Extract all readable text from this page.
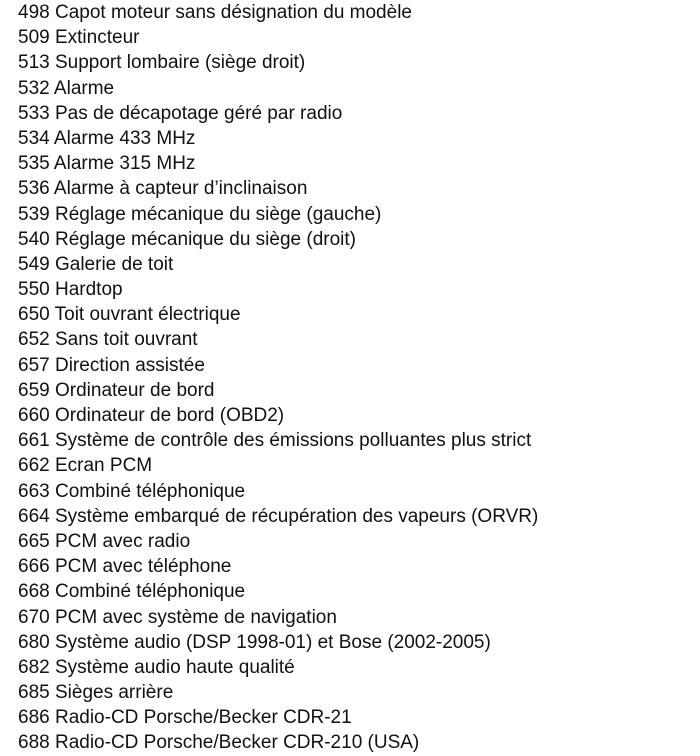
498 Capot moteur sans désignation du modèle
509 Extincteur
513 Support lombaire (siège droit)
532 Alarme
533 Pas de décapotage géré par radio
534 Alarme 433 MHz
535 Alarme 315 MHz
536 Alarme à capteur d’inclinaison
539 Réglage mécanique du siège (gauche)
540 Réglage mécanique du siège (droit)
549 Galerie de toit
550 Hardtop
650 Toit ouvrant électrique
652 Sans toit ouvrant
657 Direction assistée
659 Ordinateur de bord
660 Ordinateur de bord (OBD2)
661 Système de contrôle des émissions polluantes plus strict
662 Ecran PCM
663 Combiné téléphonique
664 Système embarqué de récupération des vapeurs (ORVR)
665 PCM avec radio
666 PCM avec téléphone
668 Combiné téléphonique
670 PCM avec système de navigation
680 Système audio (DSP 1998-01) et Bose (2002-2005)
682 Système audio haute qualité
685 Sièges arrière
686 Radio-CD Porsche/Becker CDR-21
688 Radio-CD Porsche/Becker CDR-210 (USA)
